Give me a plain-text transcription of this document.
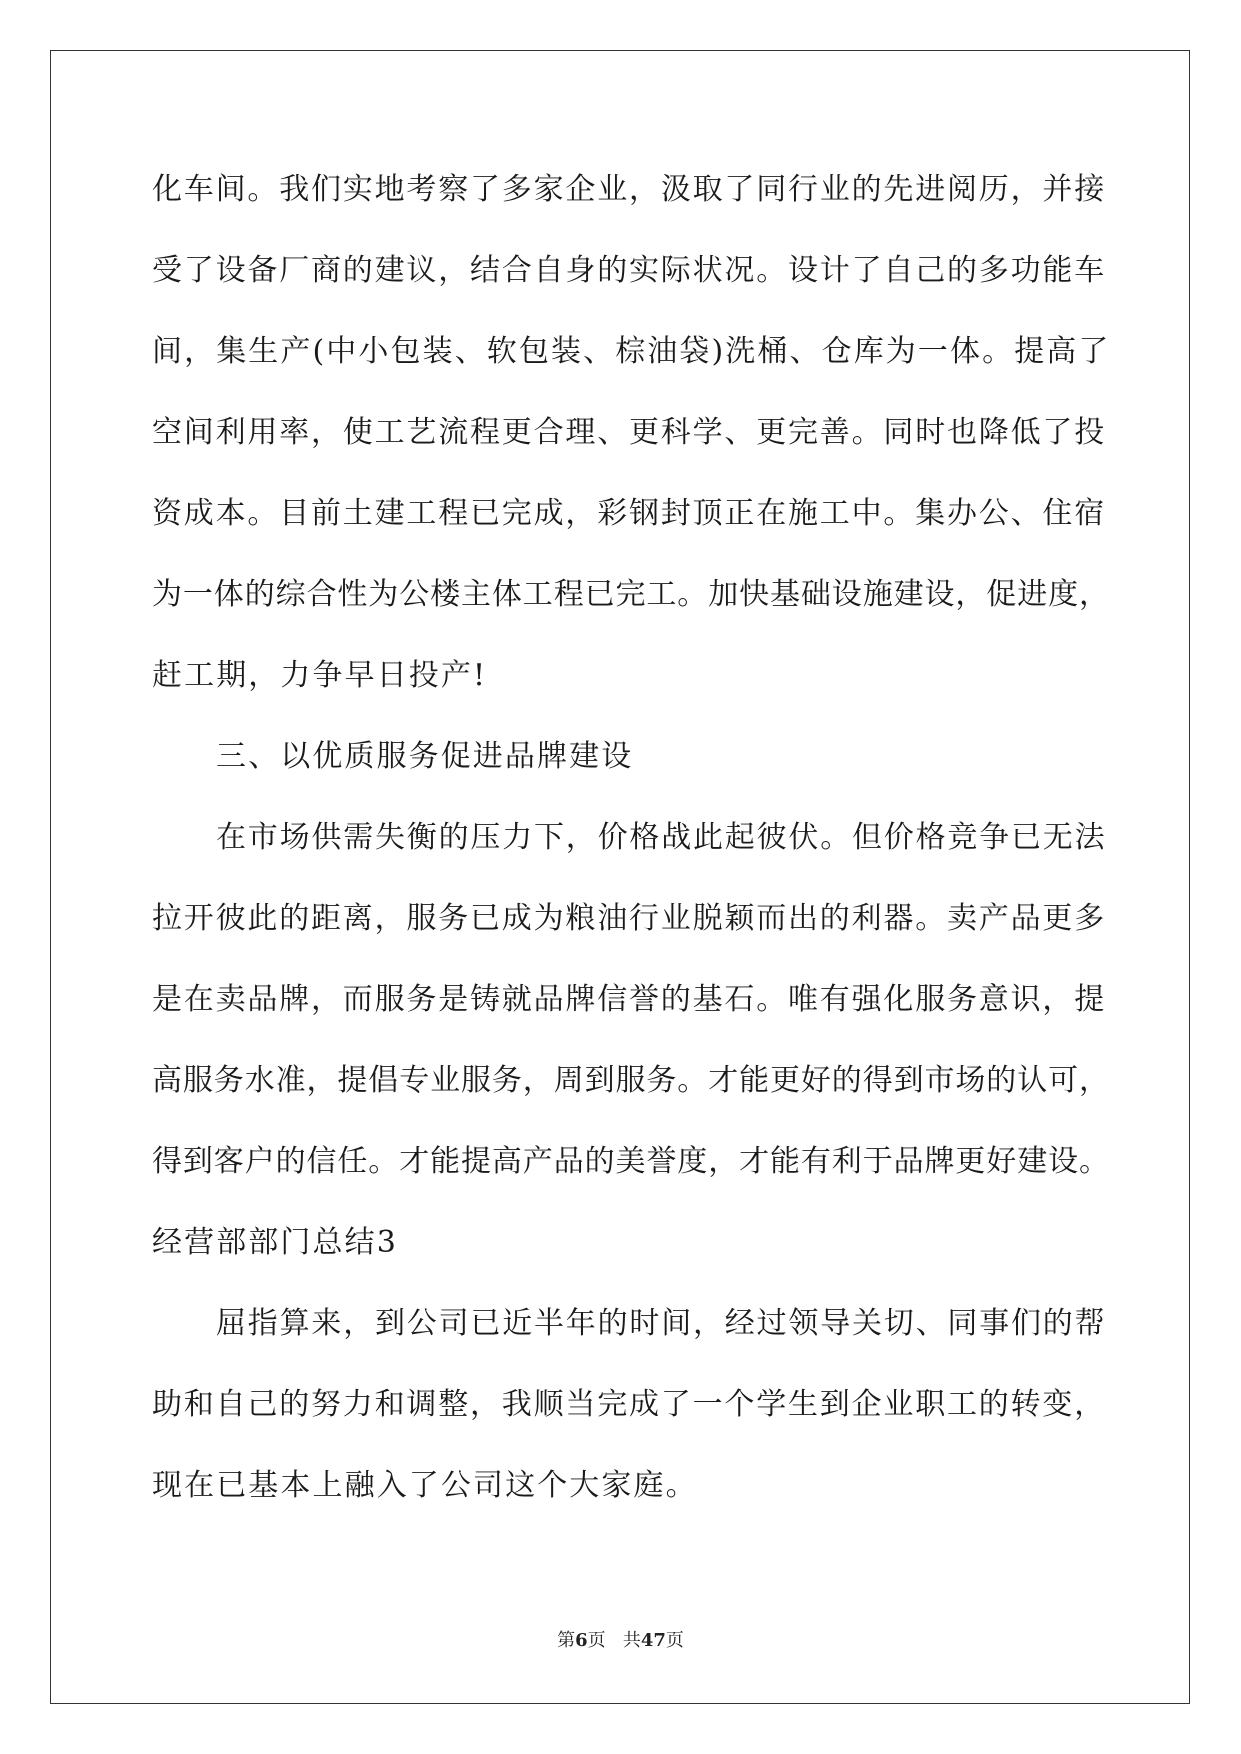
化车间。我们实地考察了多家企业，汲取了同行业的先进阅历，并接
受了设备厂商的建议，结合自身的实际状况。设计了自己的多功能车
间，集生产(中小包装、软包装、棕油袋)洗桶、仓库为一体。提高了
空间利用率，使工艺流程更合理、更科学、更完善。同时也降低了投
资成本。目前土建工程已完成，彩钢封顶正在施工中。集办公、住宿
为一体的综合性为公楼主体工程已完工。加快基础设施建设，促进度，
赶工期，力争早日投产!
三、以优质服务促进品牌建设
在市场供需失衡的压力下，价格战此起彼伏。但价格竞争已无法
拉开彼此的距离，服务已成为粮油行业脱颖而出的利器。卖产品更多
是在卖品牌，而服务是铸就品牌信誉的基石。唯有强化服务意识，提
高服务水准，提倡专业服务，周到服务。才能更好的得到市场的认可，
得到客户的信任。才能提高产品的美誉度，才能有利于品牌更好建设。
经营部部门总结3
屈指算来，到公司已近半年的时间，经过领导关切、同事们的帮
助和自己的努力和调整，我顺当完成了一个学生到企业职工的转变，
现在已基本上融入了公司这个大家庭。
第6页 共47页
